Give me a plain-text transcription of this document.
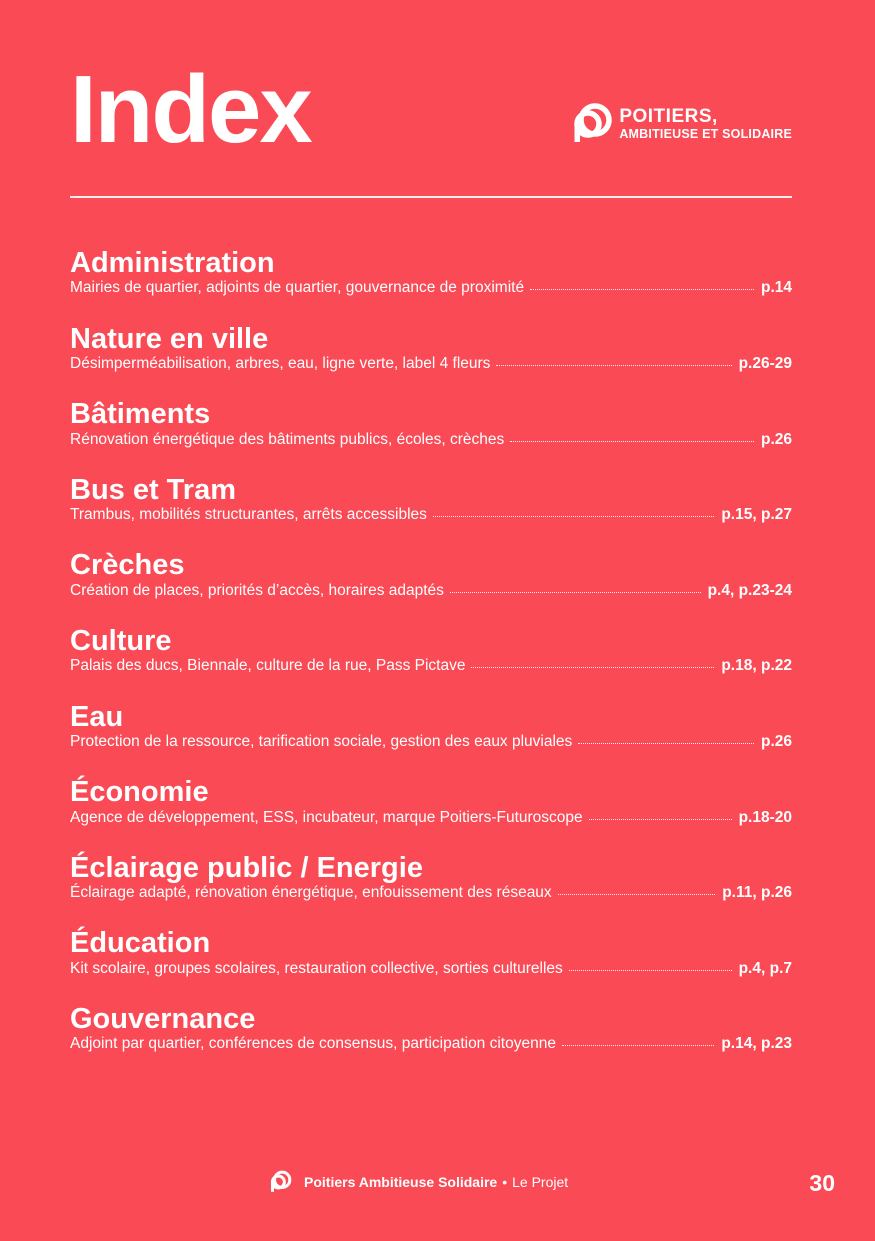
Index	POITIERS,
AMBITIEUSE ET SOLIDAIRE
Administration
Mairies de quartier, adjoints de quartier, gouvernance de proximité	p.14
Nature en ville
Désimperméabilisation, arbres, eau, ligne verte, label 4 fleurs	p.26-29
Bâtiments
Rénovation énergétique des bâtiments publics, écoles, crèches	p.26
Bus et Tram
Trambus, mobilités structurantes, arrêts accessibles	p.15, p.27
Crèches
Création de places, priorités d’accès, horaires adaptés	p.4, p.23-24
Culture
Palais des ducs, Biennale, culture de la rue, Pass Pictave	p.18, p.22
Eau
Protection de la ressource, tarification sociale, gestion des eaux pluviales	p.26
Économie
Agence de développement, ESS, incubateur, marque Poitiers-Futuroscope	p.18-20
Éclairage public / Energie
Éclairage adapté, rénovation énergétique, enfouissement des réseaux	p.11, p.26
Éducation
Kit scolaire, groupes scolaires, restauration collective, sorties culturelles	p.4, p.7
Gouvernance
Adjoint par quartier, conférences de consensus, participation citoyenne	p.14, p.23
Poitiers Ambitieuse Solidaire • Le Projet	30
